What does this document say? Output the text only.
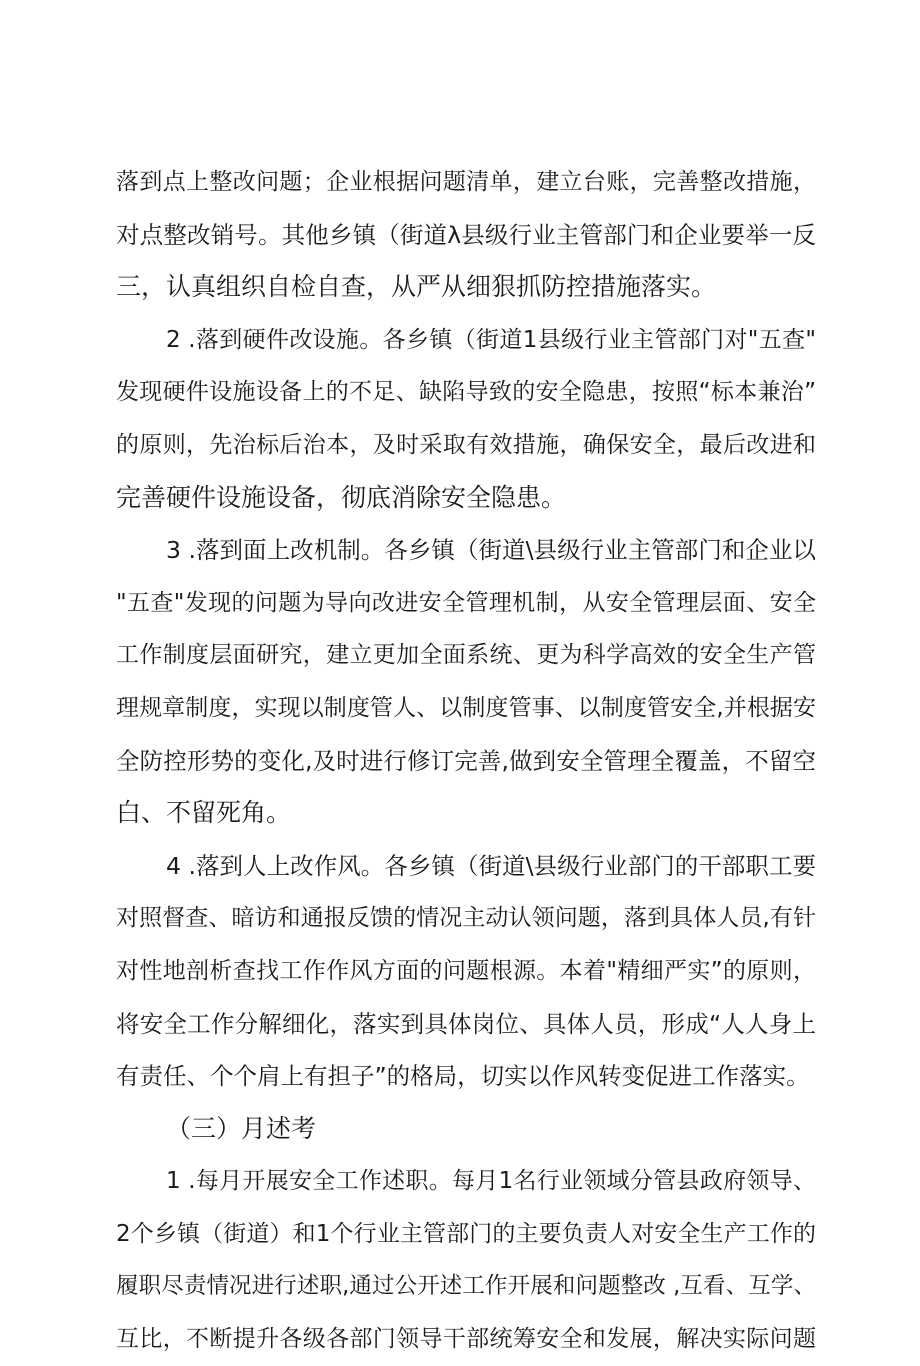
落到点上整改问题；企业根据问题清单，建立台账，完善整改措施，
对点整改销号。其他乡镇（街道λ县级行业主管部门和企业要举一反
三，认真组织自检自查，从严从细狠抓防控措施落实。
2 .落到硬件改设施。各乡镇（街道1县级行业主管部门对"五查"
发现硬件设施设备上的不足、缺陷导致的安全隐患，按照“标本兼治”
的原则，先治标后治本，及时采取有效措施，确保安全，最后改进和
完善硬件设施设备，彻底消除安全隐患。
3 .落到面上改机制。各乡镇（街道\县级行业主管部门和企业以
"五查"发现的问题为导向改进安全管理机制，从安全管理层面、安全
工作制度层面研究，建立更加全面系统、更为科学高效的安全生产管
理规章制度，实现以制度管人、以制度管事、以制度管安全,并根据安
全防控形势的变化,及时进行修订完善,做到安全管理全覆盖，不留空
白、不留死角。
4 .落到人上改作风。各乡镇（街道\县级行业部门的干部职工要
对照督查、暗访和通报反馈的情况主动认领问题，落到具体人员,有针
对性地剖析查找工作作风方面的问题根源。本着"精细严实”的原则，
将安全工作分解细化，落实到具体岗位、具体人员，形成“人人身上
有责任、个个肩上有担子”的格局，切实以作风转变促进工作落实。
（三）月述考
1 .每月开展安全工作述职。每月1名行业领域分管县政府领导、
2个乡镇（街道）和1个行业主管部门的主要负责人对安全生产工作的
履职尽责情况进行述职,通过公开述工作开展和问题整改 ,互看、互学、
互比，不断提升各级各部门领导干部统筹安全和发展，解决实际问题
